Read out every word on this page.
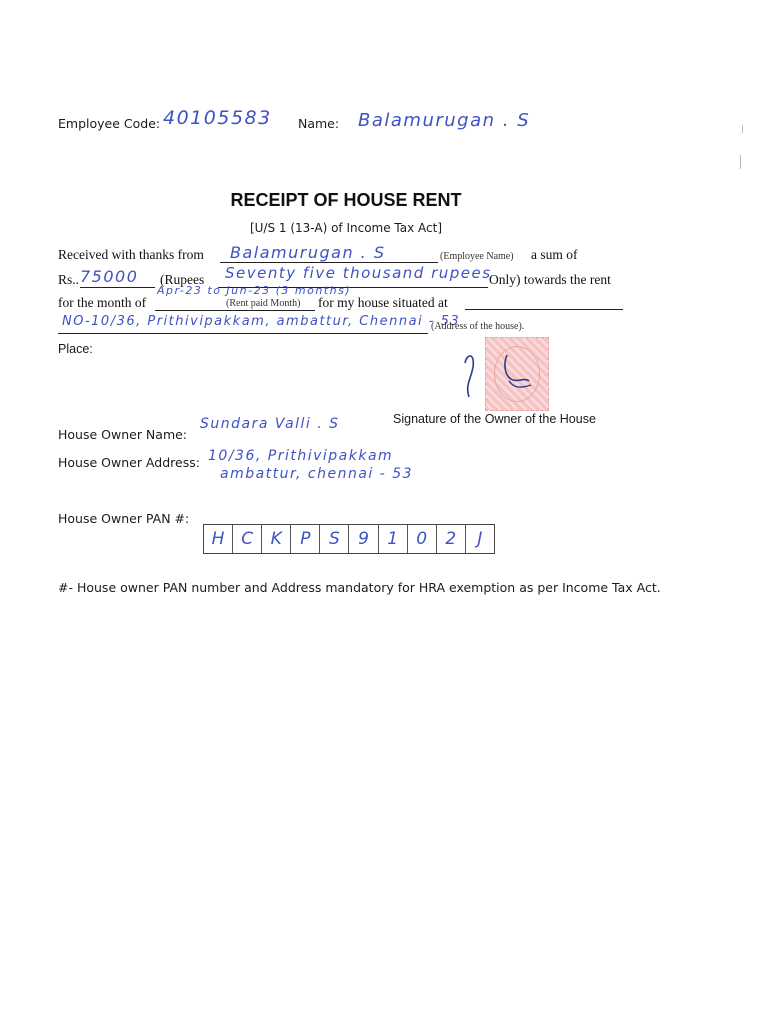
Employee Code: 40105583 Name: Balamurugan . S
RECEIPT OF HOUSE RENT
[U/S 1 (13-A) of Income Tax Act]
Received with thanks from Balamurugan . S	(Employee Name) a sum of
Rs.. 75000 (Rupees Seventy five thousand rupees
Only) towards the rent
for the month of
Apr-23 to Jun-23 (3 months)
(Rent paid Month) for my house situated at
NO-10/36, Prithivipakkam, ambattur, Chennai - 53
(Address of the house).
Place:
Signature of the Owner of the House
House Owner Name:
Sundara Valli . S
House Owner Address: 10/36, Prithivipakkam
ambattur, chennai - 53
House Owner PAN #:
H C	K	P	S	9	1	0	2	J
#- House owner PAN number and Address mandatory for HRA exemption as per Income Tax Act.
